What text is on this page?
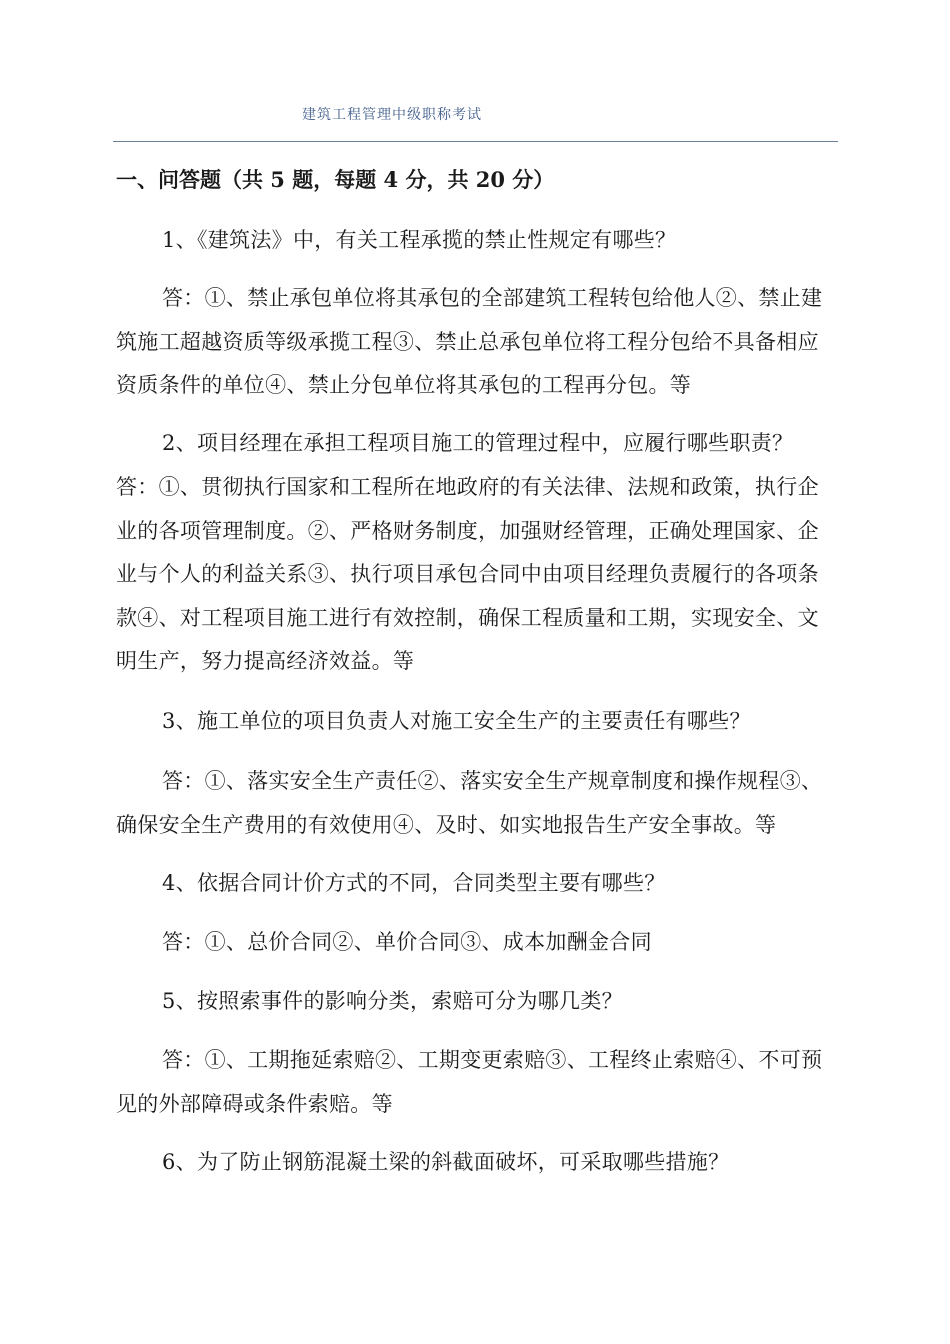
建筑工程管理中级职称考试
一、问答题（共 5 题，每题 4 分，共 20 分）

1、《建筑法》中，有关工程承揽的禁止性规定有哪些？

答：①、禁止承包单位将其承包的全部建筑工程转包给他人②、禁止建筑施工超越资质等级承揽工程③、禁止总承包单位将工程分包给不具备相应资质条件的单位④、禁止分包单位将其承包的工程再分包。等

2、项目经理在承担工程项目施工的管理过程中，应履行哪些职责？

答：①、贯彻执行国家和工程所在地政府的有关法律、法规和政策，执行企业的各项管理制度。②、严格财务制度，加强财经管理，正确处理国家、企业与个人的利益关系③、执行项目承包合同中由项目经理负责履行的各项条款④、对工程项目施工进行有效控制，确保工程质量和工期，实现安全、文明生产，努力提高经济效益。等

3、施工单位的项目负责人对施工安全生产的主要责任有哪些？

答：①、落实安全生产责任②、落实安全生产规章制度和操作规程③、确保安全生产费用的有效使用④、及时、如实地报告生产安全事故。等

4、依据合同计价方式的不同，合同类型主要有哪些？

答：①、总价合同②、单价合同③、成本加酬金合同

5、按照索事件的影响分类，索赔可分为哪几类？

答：①、工期拖延索赔②、工期变更索赔③、工程终止索赔④、不可预见的外部障碍或条件索赔。等

6、为了防止钢筋混凝土梁的斜截面破坏，可采取哪些措施？
